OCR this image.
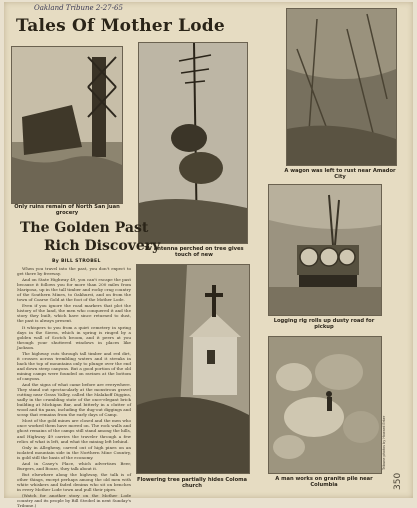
Oakland Tribune 2-27-65
Tales Of Mother Lode
Only ruins remain of North San Juan grocery
TV antenna perched on tree gives touch of new
A wagon was left to rust near Amador City
The Golden Past
Rich Discovery
By BILL STROBEL

When you travel into the past, you don't expect to get there by freeway.

And on State Highway 49, you can't escape the past because it follows you for more than 200 miles from Mariposa, up in the tall timber and rocky crag country of the Southern Mines, to Oakhurst, and on from the town of Coarse Gold at the foot of the Mother Lode.

Even if you ignore the road markers that plot the history of the land, the men who conquered it and the story they built, which have since returned to dust, the past is always present.

It whispers to you from a quiet cemetery in spring days in the Sierra, which in spring is ringed by a golden wall of Scotch broom, and it peers at you through your shuttered windows in places like Jackson.

The highway cuts through tall timber and red dirt, it crosses across trembling waters and it streaks in back the top of mountains only to plunge over the end and down steep canyons. But a good portion of the old mining camps were founded on ravines at the bottom of canyons.

And the signs of what came before are everywhere. They stand out spectacularly at the monstrous gravel cutting near Grass Valley, called the Malakoff Diggins, sadly in the crumbling state of the once-elegant brick building at Michigan Bar, and bitterly in a clutter of wood and tin pans, including the dug-out diggings and scrap that remains from the early days of Camp.

Most of the gold mines are closed and the men who once worked them have moved on. The rock walls and ghost remains of the camps still stand among the hills, and Highway 49 carries the traveler through a few relics of what is left, and what the mining left behind.

Only in Allegheny, carved out of high pines on an isolated mountain side in the Northern Mine Country, is gold still the basis of the economy.

And in Casey's Place, which advertises Beer, Burgers, and Booze, they talk about it.

But elsewhere along the highway, the talk is of other things, except perhaps among the old men with white whiskers and faded denims who sit on benches in every Mother Lode town and pull their pipes.

(Watch for another story on the Mother Lode country and its people by Bill Strobel in next Sunday's Tribune.)

Flowering tree partially hides Coloma church
Logging rig rolls up dusty road for pickup
A man works on granite pile near Columbia
Tribune photos by Howard Erker
350
